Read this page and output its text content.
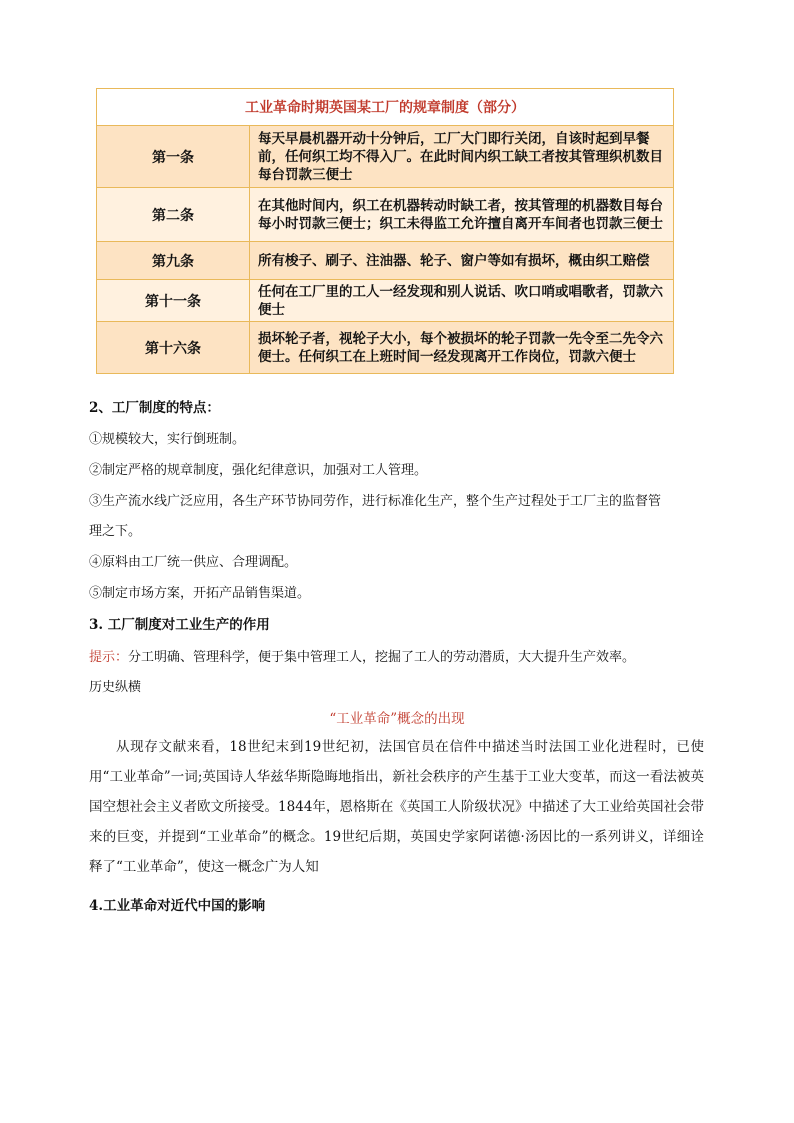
工业革命时期英国某工厂的规章制度（部分）	
第一条	每天早晨机器开动十分钟后，工厂大门即行关闭，自该时起到早餐前，任何织工均不得入厂。在此时间内织工缺工者按其管理织机数目每台罚款三便士
第二条	在其他时间内，织工在机器转动时缺工者，按其管理的机器数目每台每小时罚款三便士；织工未得监工允许擅自离开车间者也罚款三便士
第九条	所有梭子、刷子、注油器、轮子、窗户等如有损坏，概由织工赔偿
第十一条	任何在工厂里的工人一经发现和别人说话、吹口哨或唱歌者，罚款六便士
第十六条	损坏轮子者，视轮子大小，每个被损坏的轮子罚款一先令至二先令六便士。任何织工在上班时间一经发现离开工作岗位，罚款六便士
2、工厂制度的特点：
①规模较大，实行倒班制。
②制定严格的规章制度，强化纪律意识，加强对工人管理。
③生产流水线广泛应用，各生产环节协同劳作，进行标准化生产，整个生产过程处于工厂主的监督管
理之下。
④原料由工厂统一供应、合理调配。
⑤制定市场方案，开拓产品销售渠道。
3. 工厂制度对工业生产的作用
提示：分工明确、管理科学，便于集中管理工人，挖掘了工人的劳动潜质，大大提升生产效率。
历史纵横
“工业革命”概念的出现
从现存文献来看，18世纪末到19世纪初，法国官员在信件中描述当时法国工业化进程时，已使用“工业革命”一词;英国诗人华兹华斯隐晦地指出，新社会秩序的产生基于工业大变革，而这一看法被英国空想社会主义者欧文所接受。1844年，恩格斯在《英国工人阶级状况》中描述了大工业给英国社会带来的巨变，并提到“工业革命”的概念。19世纪后期，英国史学家阿诺德·汤因比的一系列讲义，详细诠释了“工业革命”，使这一概念广为人知
4.工业革命对近代中国的影响
